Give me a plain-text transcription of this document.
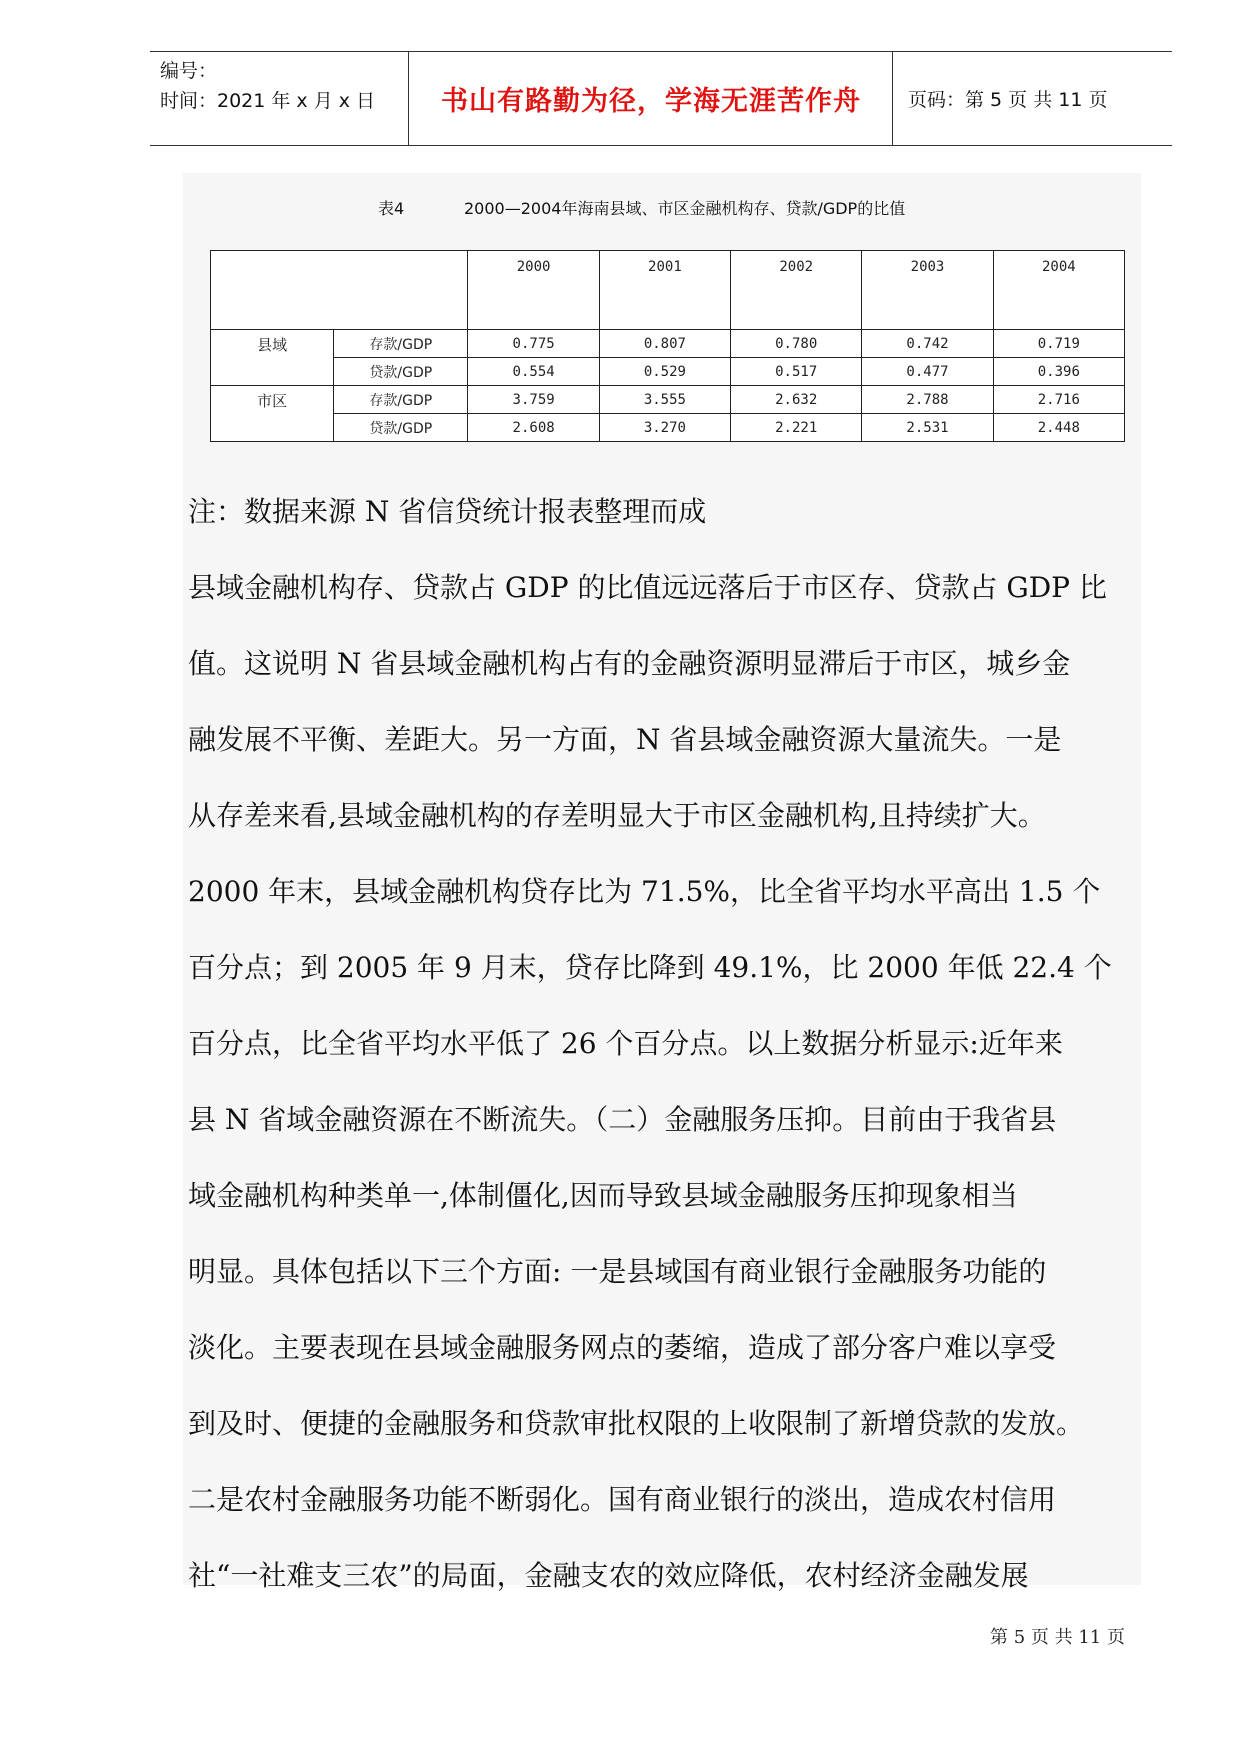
编号：
时间：2021 年 x 月 x 日	书山有路勤为径，学海无涯苦作舟	页码：第 5 页 共 11 页
表4	2000—2004年海南县域、市区金融机构存、贷款/GDP的比值
		2000	2001	2002	2003	2004
县域	存款/GDP	0.775	0.807	0.780	0.742	0.719
	贷款/GDP	0.554	0.529	0.517	0.477	0.396
市区	存款/GDP	3.759	3.555	2.632	2.788	2.716
	贷款/GDP	2.608	3.270	2.221	2.531	2.448
注：数据来源 N 省信贷统计报表整理而成
县域金融机构存、贷款占 GDP 的比值远远落后于市区存、贷款占 GDP 比
值。这说明 N 省县域金融机构占有的金融资源明显滞后于市区，城乡金
融发展不平衡、差距大。另一方面，N 省县域金融资源大量流失。一是
从存差来看,县域金融机构的存差明显大于市区金融机构,且持续扩大。
2000 年末，县域金融机构贷存比为 71.5%，比全省平均水平高出 1.5 个
百分点；到 2005 年 9 月末，贷存比降到 49.1%，比 2000 年低 22.4 个
百分点，比全省平均水平低了 26 个百分点。以上数据分析显示:近年来
县 N 省域金融资源在不断流失。（二）金融服务压抑。目前由于我省县
域金融机构种类单一,体制僵化,因而导致县域金融服务压抑现象相当
明显。具体包括以下三个方面: 一是县域国有商业银行金融服务功能的
淡化。主要表现在县域金融服务网点的萎缩，造成了部分客户难以享受
到及时、便捷的金融服务和贷款审批权限的上收限制了新增贷款的发放。
二是农村金融服务功能不断弱化。国有商业银行的淡出，造成农村信用
社“一社难支三农”的局面，金融支农的效应降低，农村经济金融发展
第 5 页 共 11 页
